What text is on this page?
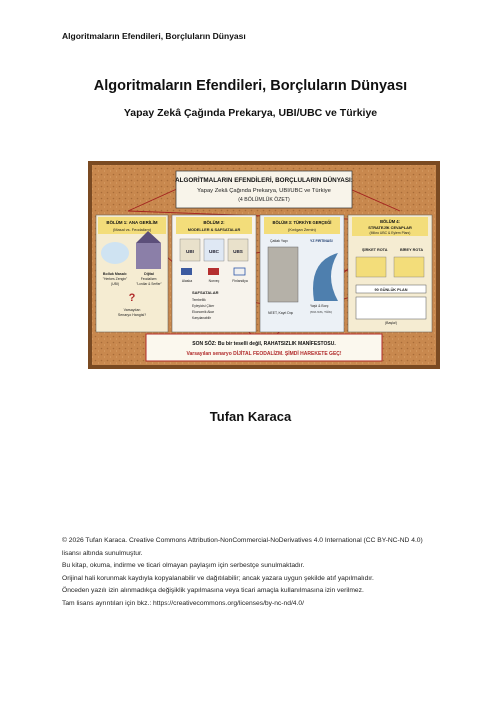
Algoritmaların Efendileri, Borçluların Dünyası
Algoritmaların Efendileri, Borçluların Dünyası
Yapay Zekâ Çağında Prekarya, UBI/UBC ve Türkiye
ALGORİTMALARIN EFENDİLERİ, BORÇLULARIN DÜNYASI:
Yapay Zekâ Çağında Prekarya, UBI/UBC ve Türkiye
(4 BÖLÜMLÜK ÖZET)
BÖLÜM 1: ANA GERİLİM
(Masal vs. Feodalizm)
Bolluk Masalı:
"Herkes Zengin"
(UBI)
Dijital
Feodalizm:
"Lordlar & Serfler"
?
Varsayılan
Senaryo Hangisi?
BÖLÜM 2:
MODELLER & SAFSATALAR
UBI	UBC	UBS
Alaska	Norveç	Finlandiya
SAFSATALAR
Tembellik
Eyleyicisi Çiker
Ekonomik Akar
Karşılanabilir
BÖLÜM 3: TÜRKİYE GERÇEĞİ
(Kırılgan Zemin)
Çatlak Yapı	YZ FIRTINASI
NEET, Kayıt Dışı
Yaşlı & Borç
(%% %%, TÜİK)
BÖLÜM 4:
STRATEJİK CEVAPLAR
(Mikro UBC & Eylem Planı)
ŞİRKET ROTA	BİREY ROTA
90 GÜNLÜK PLAN
(Başla!)
SON SÖZ: Bu bir teselli değil, RAHATSIZLIK MANİFESTOSU.
Varsayılan senaryo DİJİTAL FEODALİZM. ŞİMDİ HAREKETE GEÇ!
Tufan Karaca

© 2026 Tufan Karaca. Creative Commons Attribution-NonCommercial-NoDerivatives 4.0 International (CC BY-NC-ND 4.0) lisansı altında sunulmuştur.

Bu kitap, okuma, indirme ve ticari olmayan paylaşım için serbestçe sunulmaktadır.

Orijinal hali korunmak kaydıyla kopyalanabilir ve dağıtılabilir; ancak yazara uygun şekilde atıf yapılmalıdır.

Önceden yazılı izin alınmadıkça değişiklik yapılmasına veya ticari amaçla kullanılmasına izin verilmez.

Tam lisans ayrıntıları için bkz.: https://creativecommons.org/licenses/by-nc-nd/4.0/
